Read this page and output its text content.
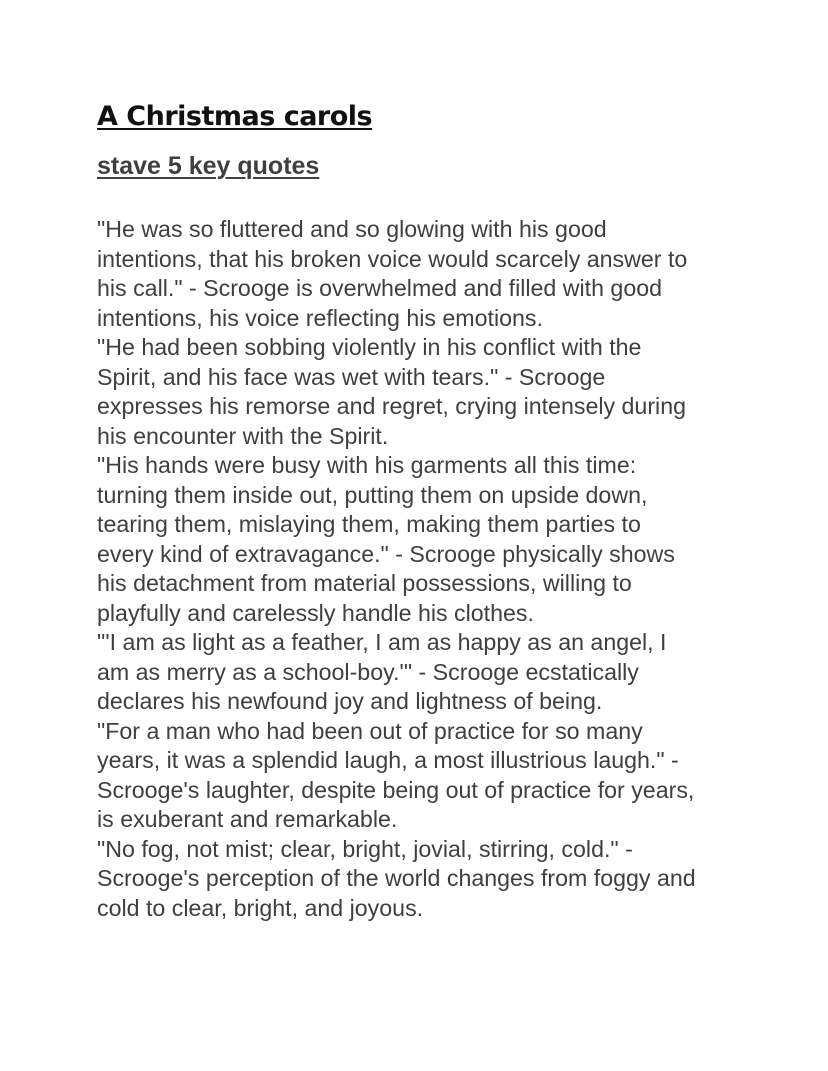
A Christmas carols
stave 5 key quotes
"He was so fluttered and so glowing with his good
intentions, that his broken voice would scarcely answer to
his call." - Scrooge is overwhelmed and filled with good
intentions, his voice reflecting his emotions.
"He had been sobbing violently in his conflict with the
Spirit, and his face was wet with tears." - Scrooge
expresses his remorse and regret, crying intensely during
his encounter with the Spirit.
"His hands were busy with his garments all this time:
turning them inside out, putting them on upside down,
tearing them, mislaying them, making them parties to
every kind of extravagance." - Scrooge physically shows
his detachment from material possessions, willing to
playfully and carelessly handle his clothes.
"'I am as light as a feather, I am as happy as an angel, I
am as merry as a school-boy.'" - Scrooge ecstatically
declares his newfound joy and lightness of being.
"For a man who had been out of practice for so many
years, it was a splendid laugh, a most illustrious laugh." -
Scrooge's laughter, despite being out of practice for years,
is exuberant and remarkable.
"No fog, not mist; clear, bright, jovial, stirring, cold." -
Scrooge's perception of the world changes from foggy and
cold to clear, bright, and joyous.
